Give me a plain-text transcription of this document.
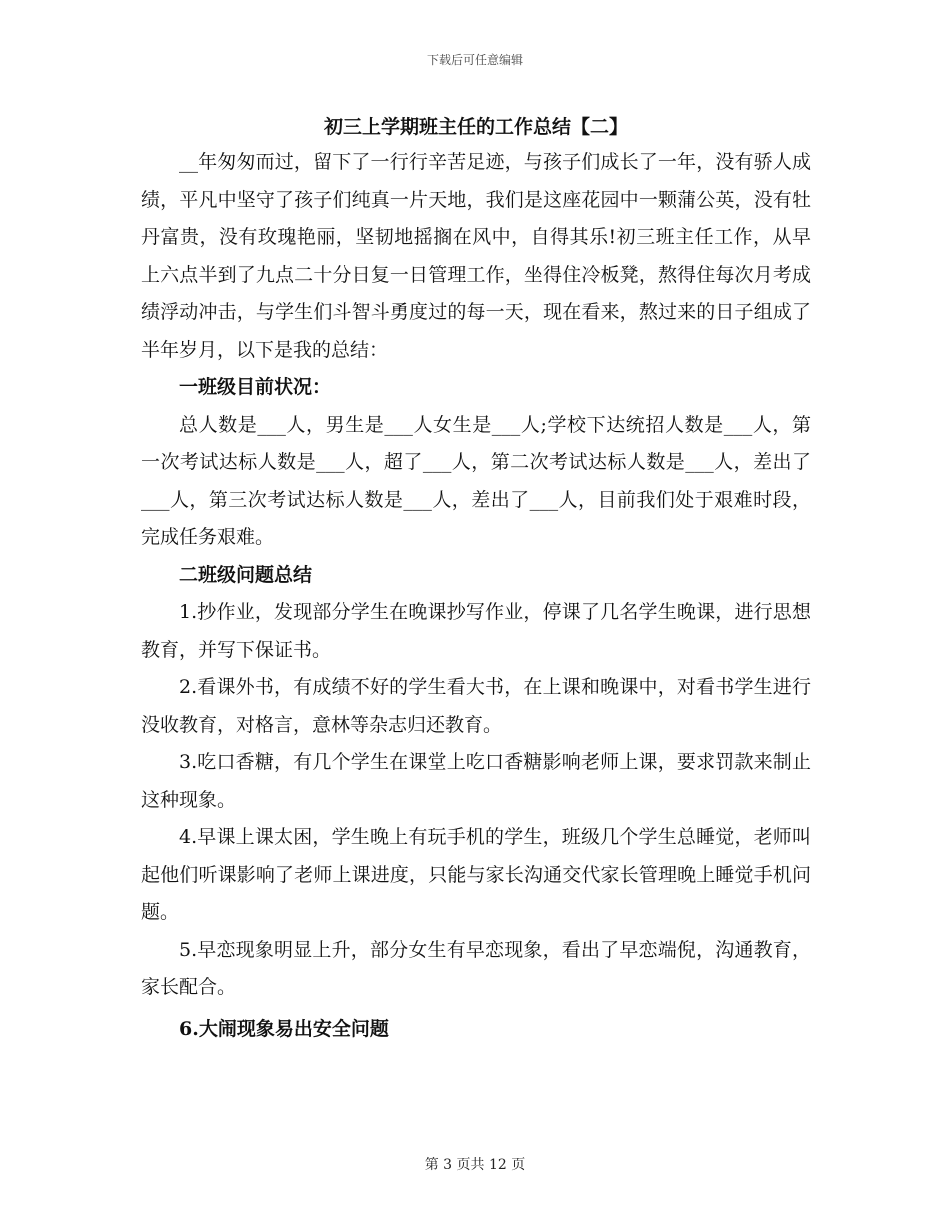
下载后可任意编辑
初三上学期班主任的工作总结【二】

__年匆匆而过，留下了一行行辛苦足迹，与孩子们成长了一年，没有骄人成绩，平凡中坚守了孩子们纯真一片天地，我们是这座花园中一颗蒲公英，没有牡丹富贵，没有玫瑰艳丽，坚韧地摇搁在风中，自得其乐!初三班主任工作，从早上六点半到了九点二十分日复一日管理工作，坐得住冷板凳，熬得住每次月考成绩浮动冲击，与学生们斗智斗勇度过的每一天，现在看来，熬过来的日子组成了半年岁月，以下是我的总结：

一班级目前状况：

总人数是___人，男生是___人女生是___人;学校下达统招人数是___人，第一次考试达标人数是___人，超了___人，第二次考试达标人数是___人，差出了___人，第三次考试达标人数是___人，差出了___人，目前我们处于艰难时段，完成任务艰难。

二班级问题总结

1.抄作业，发现部分学生在晚课抄写作业，停课了几名学生晚课，进行思想教育，并写下保证书。

2.看课外书，有成绩不好的学生看大书，在上课和晚课中，对看书学生进行没收教育，对格言，意林等杂志归还教育。

3.吃口香糖，有几个学生在课堂上吃口香糖影响老师上课，要求罚款来制止这种现象。

4.早课上课太困，学生晚上有玩手机的学生，班级几个学生总睡觉，老师叫起他们听课影响了老师上课进度，只能与家长沟通交代家长管理晚上睡觉手机问题。

5.早恋现象明显上升，部分女生有早恋现象，看出了早恋端倪，沟通教育，家长配合。

6.大闹现象易出安全问题

第 3 页共 12 页
